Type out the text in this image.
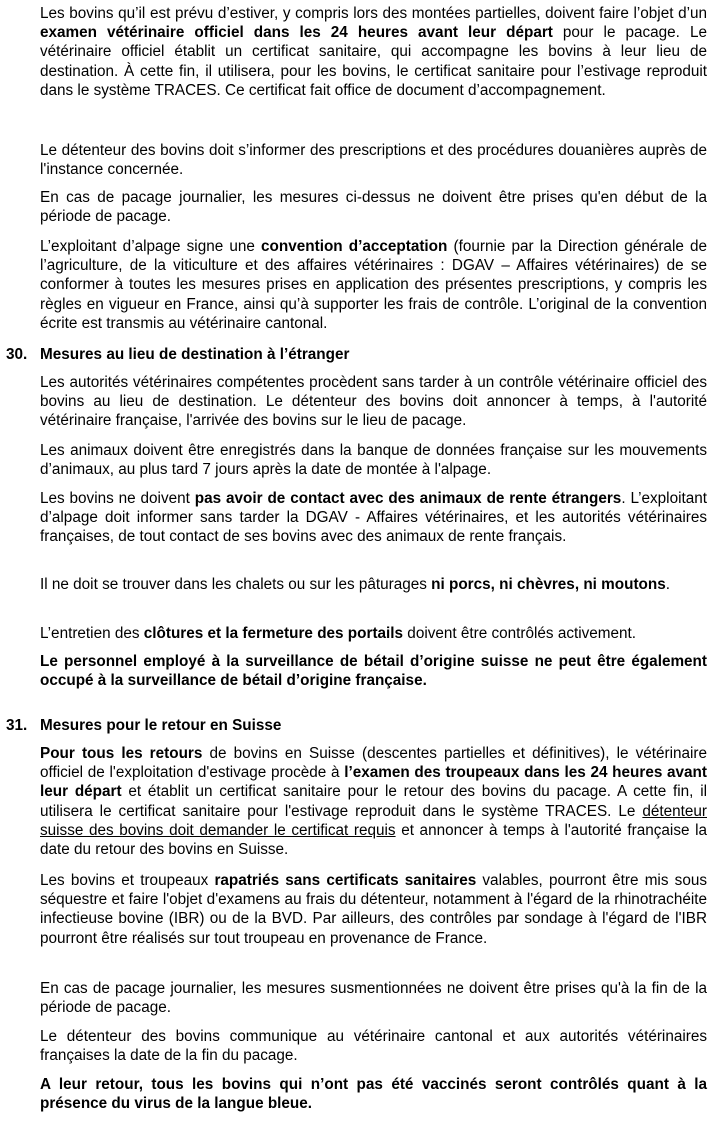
Les bovins qu’il est prévu d’estiver, y compris lors des montées partielles, doivent faire l’objet d’un examen vétérinaire officiel dans les 24 heures avant leur départ pour le pacage. Le vétérinaire officiel établit un certificat sanitaire, qui accompagne les bovins à leur lieu de destination. À cette fin, il utilisera, pour les bovins, le certificat sanitaire pour l’estivage reproduit dans le système TRACES. Ce certificat fait office de document d’accompagnement.

Le détenteur des bovins doit s’informer des prescriptions et des procédures douanières auprès de l'instance concernée.

En cas de pacage journalier, les mesures ci-dessus ne doivent être prises qu'en début de la période de pacage.

L’exploitant d’alpage signe une convention d’acceptation (fournie par la Direction générale de l’agriculture, de la viticulture et des affaires vétérinaires : DGAV – Affaires vétérinaires) de se conformer à toutes les mesures prises en application des présentes prescriptions, y compris les règles en vigueur en France, ainsi qu’à supporter les frais de contrôle. L’original de la convention écrite est transmis au vétérinaire cantonal.

30. Mesures au lieu de destination à l’étranger

Les autorités vétérinaires compétentes procèdent sans tarder à un contrôle vétérinaire officiel des bovins au lieu de destination. Le détenteur des bovins doit annoncer à temps, à l'autorité vétérinaire française, l'arrivée des bovins sur le lieu de pacage.

Les animaux doivent être enregistrés dans la banque de données française sur les mouvements d’animaux, au plus tard 7 jours après la date de montée à l'alpage.

Les bovins ne doivent pas avoir de contact avec des animaux de rente étrangers. L’exploitant d’alpage doit informer sans tarder la DGAV - Affaires vétérinaires, et les autorités vétérinaires françaises, de tout contact de ses bovins avec des animaux de rente français.

Il ne doit se trouver dans les chalets ou sur les pâturages ni porcs, ni chèvres, ni moutons.

L’entretien des clôtures et la fermeture des portails doivent être contrôlés activement.

Le personnel employé à la surveillance de bétail d’origine suisse ne peut être également occupé à la surveillance de bétail d’origine française.

31. Mesures pour le retour en Suisse

Pour tous les retours de bovins en Suisse (descentes partielles et définitives), le vétérinaire officiel de l'exploitation d'estivage procède à l’examen des troupeaux dans les 24 heures avant leur départ et établit un certificat sanitaire pour le retour des bovins du pacage. A cette fin, il utilisera le certificat sanitaire pour l'estivage reproduit dans le système TRACES. Le détenteur suisse des bovins doit demander le certificat requis et annoncer à temps à l'autorité française la date du retour des bovins en Suisse.

Les bovins et troupeaux rapatriés sans certificats sanitaires valables, pourront être mis sous séquestre et faire l'objet d'examens au frais du détenteur, notamment à l'égard de la rhinotrachéite infectieuse bovine (IBR) ou de la BVD. Par ailleurs, des contrôles par sondage à l'égard de l'IBR pourront être réalisés sur tout troupeau en provenance de France.

En cas de pacage journalier, les mesures susmentionnées ne doivent être prises qu'à la fin de la période de pacage.

Le détenteur des bovins communique au vétérinaire cantonal et aux autorités vétérinaires françaises la date de la fin du pacage.

A leur retour, tous les bovins qui n’ont pas été vaccinés seront contrôlés quant à la présence du virus de la langue bleue.
